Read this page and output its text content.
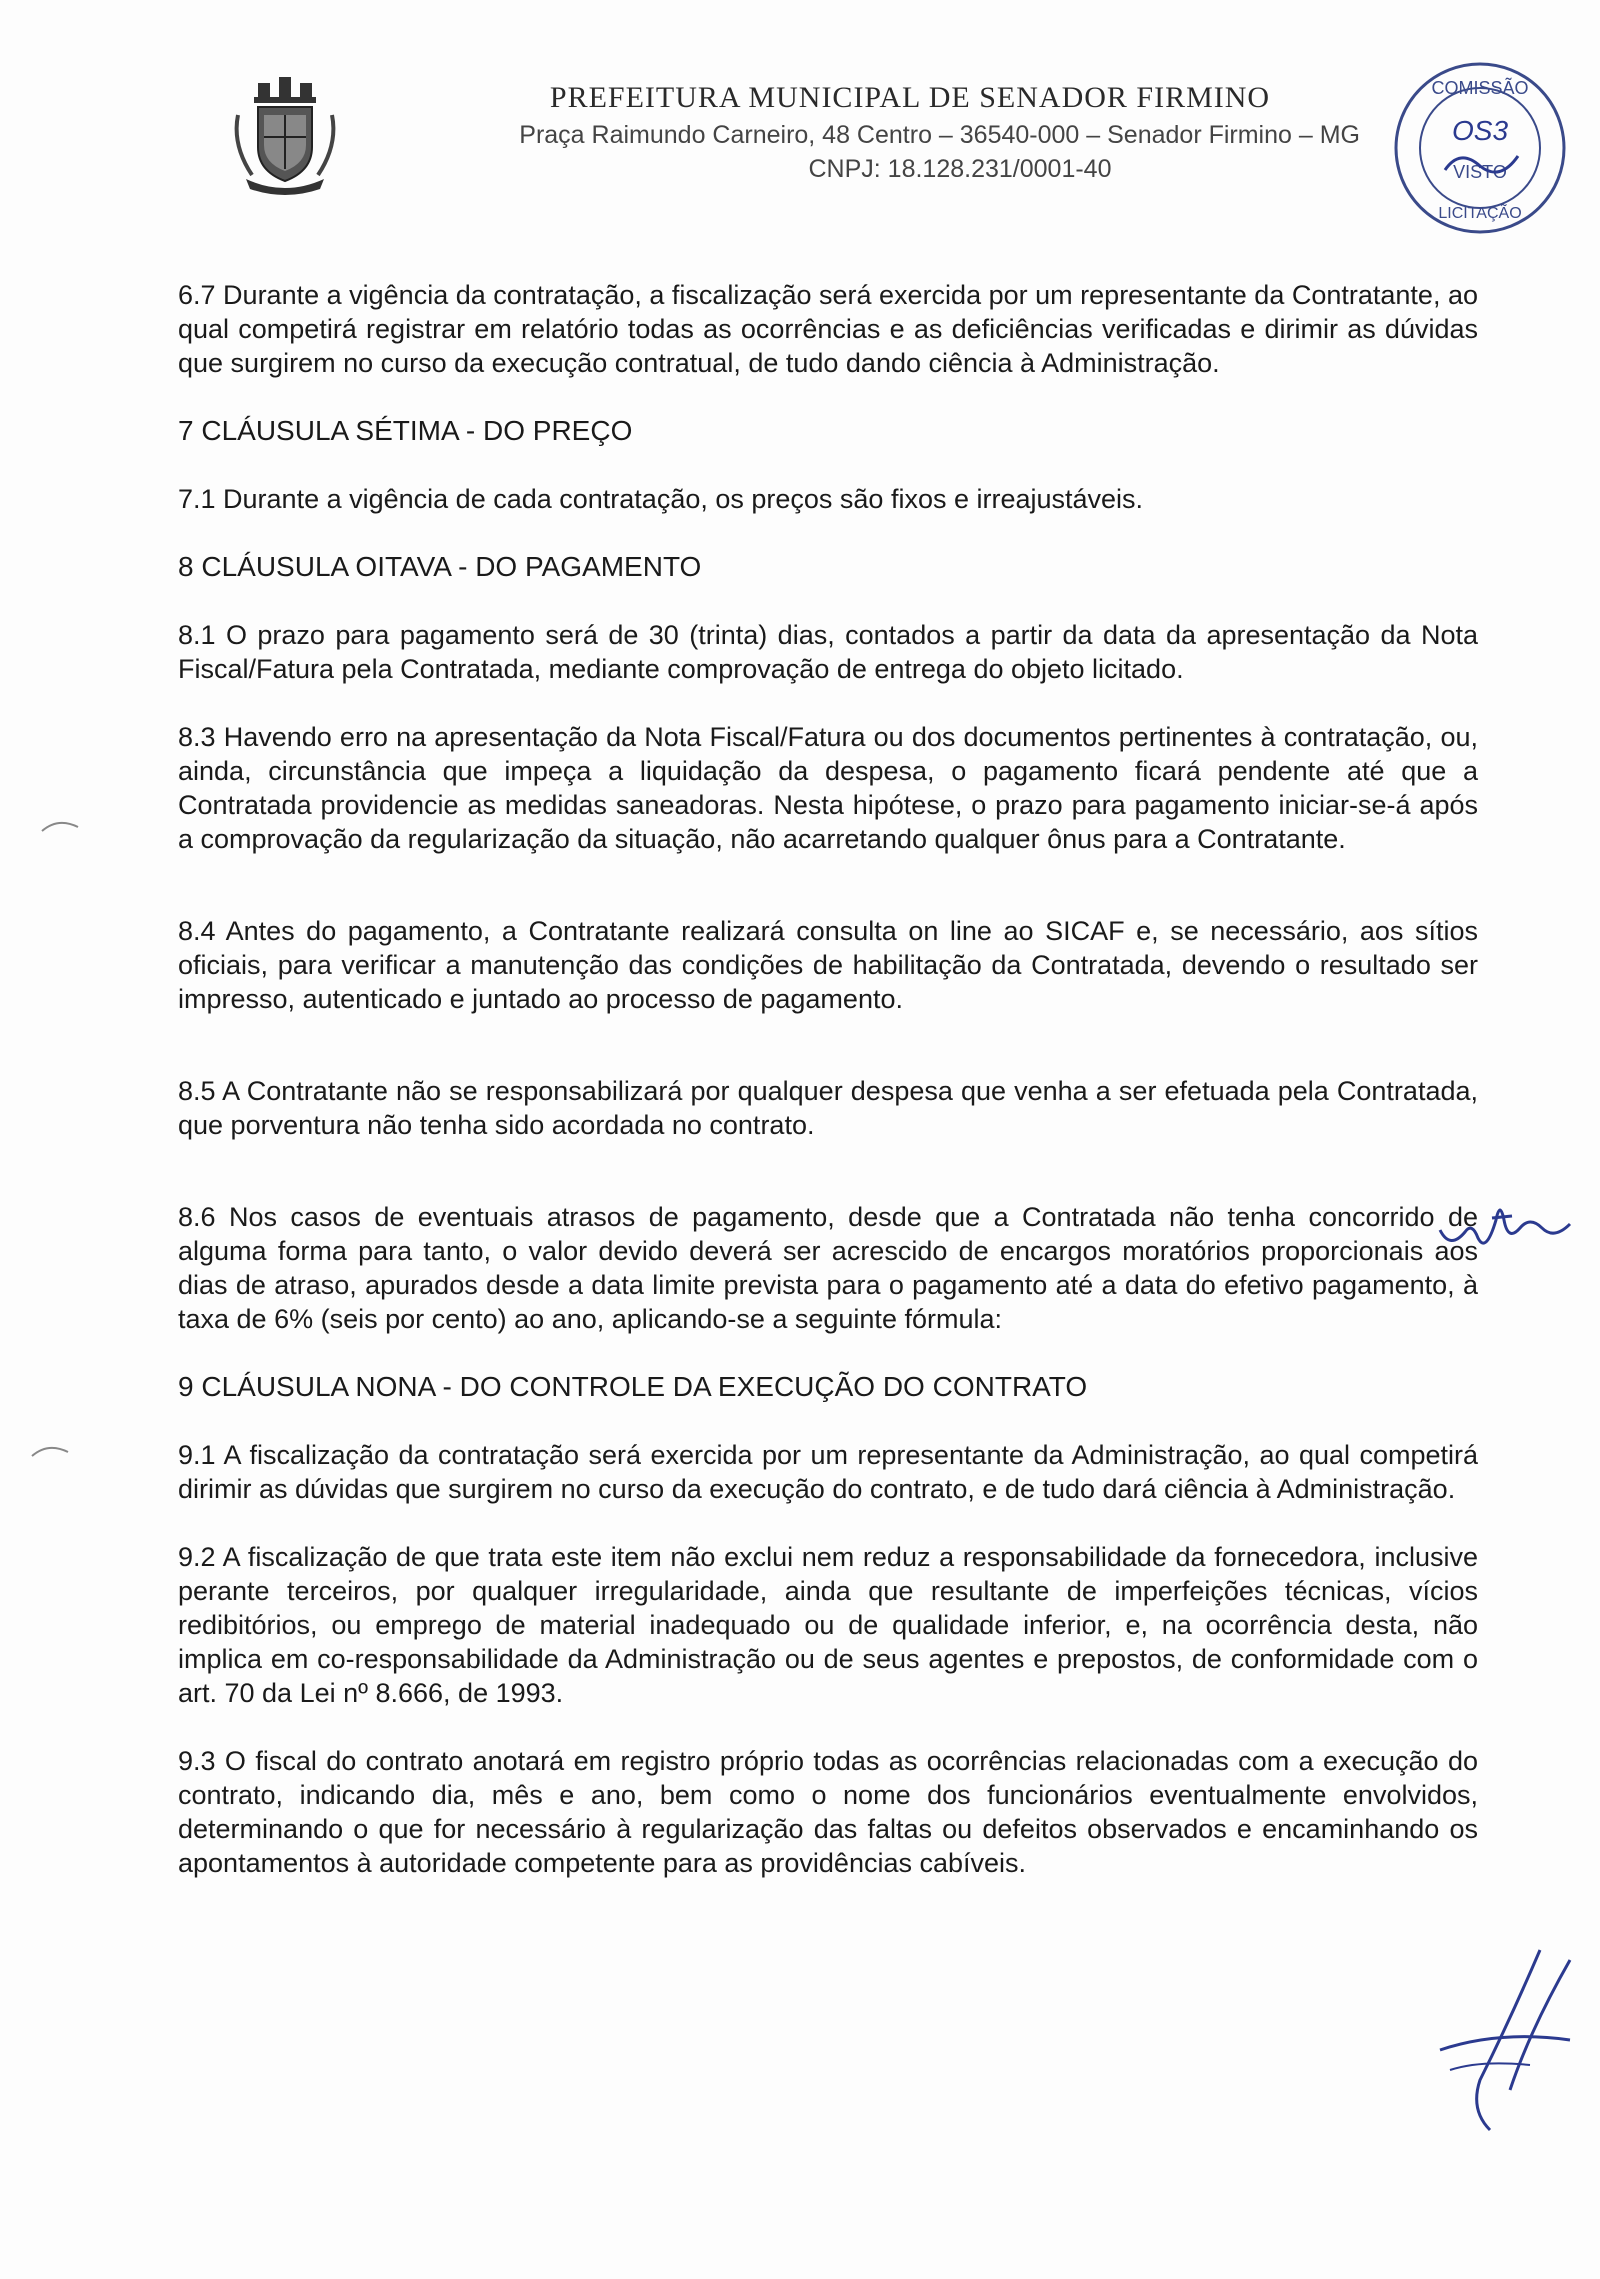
PREFEITURA MUNICIPAL DE SENADOR FIRMINO
Praça Raimundo Carneiro, 48 Centro – 36540-000 – Senador Firmino – MG
CNPJ: 18.128.231/0001-40
COMISSÃO
OS3
VISTO
LICITAÇÃO

6.7 Durante a vigência da contratação, a fiscalização será exercida por um representante da Contratante, ao qual competirá registrar em relatório todas as ocorrências e as deficiências verificadas e dirimir as dúvidas que surgirem no curso da execução contratual, de tudo dando ciência à Administração.

7 CLÁUSULA SÉTIMA - DO PREÇO

7.1 Durante a vigência de cada contratação, os preços são fixos e irreajustáveis.

8 CLÁUSULA OITAVA - DO PAGAMENTO

8.1 O prazo para pagamento será de 30 (trinta) dias, contados a partir da data da apresentação da Nota Fiscal/Fatura pela Contratada, mediante comprovação de entrega do objeto licitado.

8.3 Havendo erro na apresentação da Nota Fiscal/Fatura ou dos documentos pertinentes à contratação, ou, ainda, circunstância que impeça a liquidação da despesa, o pagamento ficará pendente até que a Contratada providencie as medidas saneadoras. Nesta hipótese, o prazo para pagamento iniciar-se-á após a comprovação da regularização da situação, não acarretando qualquer ônus para a Contratante.

8.4 Antes do pagamento, a Contratante realizará consulta on line ao SICAF e, se necessário, aos sítios oficiais, para verificar a manutenção das condições de habilitação da Contratada, devendo o resultado ser impresso, autenticado e juntado ao processo de pagamento.

8.5 A Contratante não se responsabilizará por qualquer despesa que venha a ser efetuada pela Contratada, que porventura não tenha sido acordada no contrato.

8.6 Nos casos de eventuais atrasos de pagamento, desde que a Contratada não tenha concorrido de alguma forma para tanto, o valor devido deverá ser acrescido de encargos moratórios proporcionais aos dias de atraso, apurados desde a data limite prevista para o pagamento até a data do efetivo pagamento, à taxa de 6% (seis por cento) ao ano, aplicando-se a seguinte fórmula:

9 CLÁUSULA NONA - DO CONTROLE DA EXECUÇÃO DO CONTRATO

9.1 A fiscalização da contratação será exercida por um representante da Administração, ao qual competirá dirimir as dúvidas que surgirem no curso da execução do contrato, e de tudo dará ciência à Administração.

9.2 A fiscalização de que trata este item não exclui nem reduz a responsabilidade da fornecedora, inclusive perante terceiros, por qualquer irregularidade, ainda que resultante de imperfeições técnicas, vícios redibitórios, ou emprego de material inadequado ou de qualidade inferior, e, na ocorrência desta, não implica em co-responsabilidade da Administração ou de seus agentes e prepostos, de conformidade com o art. 70 da Lei nº 8.666, de 1993.

9.3 O fiscal do contrato anotará em registro próprio todas as ocorrências relacionadas com a execução do contrato, indicando dia, mês e ano, bem como o nome dos funcionários eventualmente envolvidos, determinando o que for necessário à regularização das faltas ou defeitos observados e encaminhando os apontamentos à autoridade competente para as providências cabíveis.
